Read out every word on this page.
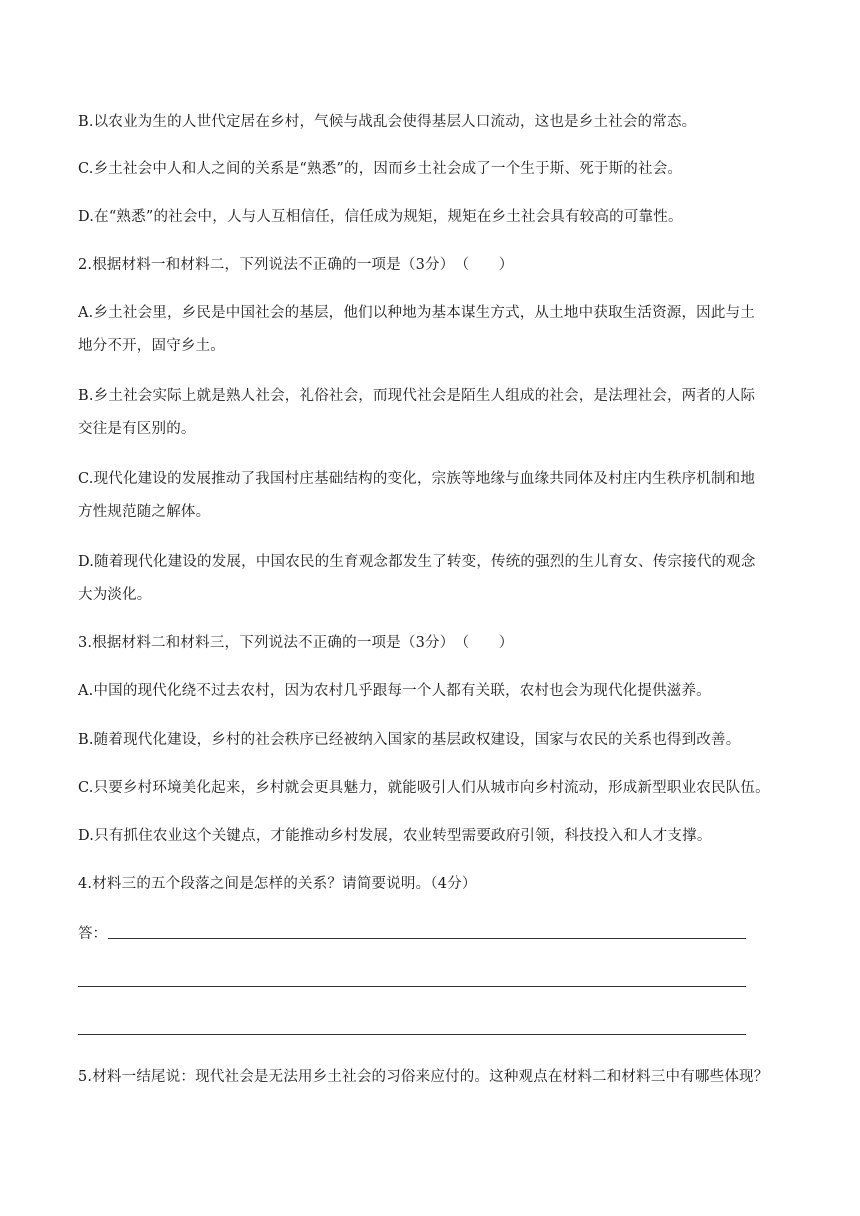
B.以农业为生的人世代定居在乡村，气候与战乱会使得基层人口流动，这也是乡土社会的常态。
C.乡土社会中人和人之间的关系是“熟悉”的，因而乡土社会成了一个生于斯、死于斯的社会。
D.在“熟悉”的社会中，人与人互相信任，信任成为规矩，规矩在乡土社会具有较高的可靠性。
2.根据材料一和材料二，下列说法不正确的一项是（3分）　（　　）
A.乡土社会里，乡民是中国社会的基层，他们以种地为基本谋生方式，从土地中获取生活资源，因此与土
地分不开，固守乡土。
B.乡土社会实际上就是熟人社会，礼俗社会，而现代社会是陌生人组成的社会，是法理社会，两者的人际
交往是有区别的。
C.现代化建设的发展推动了我国村庄基础结构的变化，宗族等地缘与血缘共同体及村庄内生秩序机制和地
方性规范随之解体。
D.随着现代化建设的发展，中国农民的生育观念都发生了转变，传统的强烈的生儿育女、传宗接代的观念
大为淡化。
3.根据材料二和材料三，下列说法不正确的一项是（3分）　（　　）
A.中国的现代化绕不过去农村，因为农村几乎跟每一个人都有关联，农村也会为现代化提供滋养。
B.随着现代化建设，乡村的社会秩序已经被纳入国家的基层政权建设，国家与农民的关系也得到改善。
C.只要乡村环境美化起来，乡村就会更具魅力，就能吸引人们从城市向乡村流动，形成新型职业农民队伍。
D.只有抓住农业这个关键点，才能推动乡村发展，农业转型需要政府引领，科技投入和人才支撑。
4.材料三的五个段落之间是怎样的关系？请简要说明。（4分）
答：
5.材料一结尾说：现代社会是无法用乡土社会的习俗来应付的。这种观点在材料二和材料三中有哪些体现？
